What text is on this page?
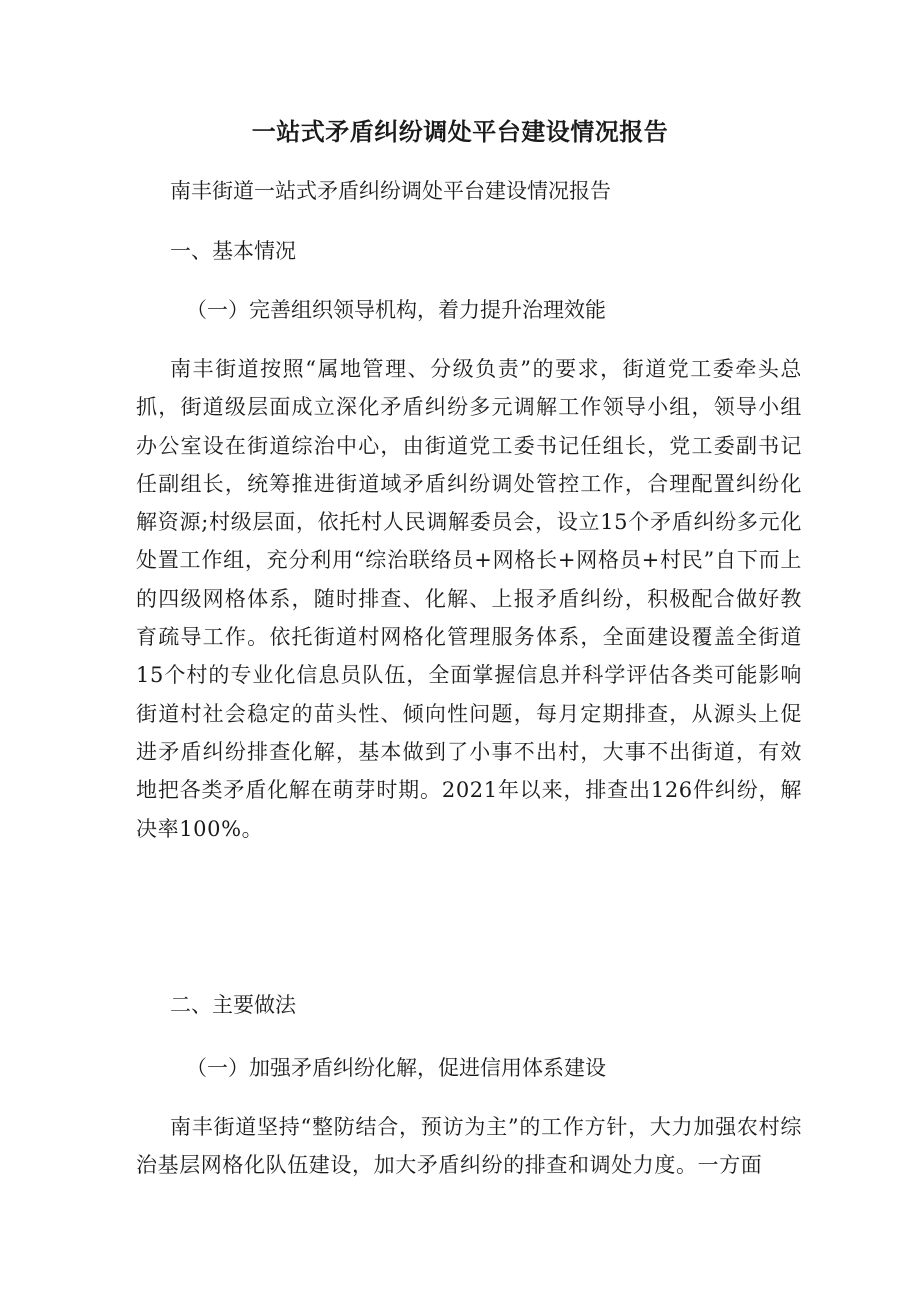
一站式矛盾纠纷调处平台建设情况报告

南丰街道一站式矛盾纠纷调处平台建设情况报告

一、基本情况

（一）完善组织领导机构，着力提升治理效能

南丰街道按照“属地管理、分级负责”的要求，街道党工委牵头总抓，街道级层面成立深化矛盾纠纷多元调解工作领导小组，领导小组办公室设在街道综治中心，由街道党工委书记任组长，党工委副书记任副组长，统筹推进街道域矛盾纠纷调处管控工作，合理配置纠纷化解资源;村级层面，依托村人民调解委员会，设立15个矛盾纠纷多元化处置工作组，充分利用“综治联络员+网格长+网格员+村民”自下而上的四级网格体系，随时排查、化解、上报矛盾纠纷，积极配合做好教育疏导工作。依托街道村网格化管理服务体系，全面建设覆盖全街道15个村的专业化信息员队伍，全面掌握信息并科学评估各类可能影响街道村社会稳定的苗头性、倾向性问题，每月定期排查，从源头上促进矛盾纠纷排查化解，基本做到了小事不出村，大事不出街道，有效地把各类矛盾化解在萌芽时期。2021年以来，排查出126件纠纷，解决率100%。

二、主要做法

（一）加强矛盾纠纷化解，促进信用体系建设

南丰街道坚持“整防结合，预访为主”的工作方针，大力加强农村综治基层网格化队伍建设，加大矛盾纠纷的排查和调处力度。一方面
